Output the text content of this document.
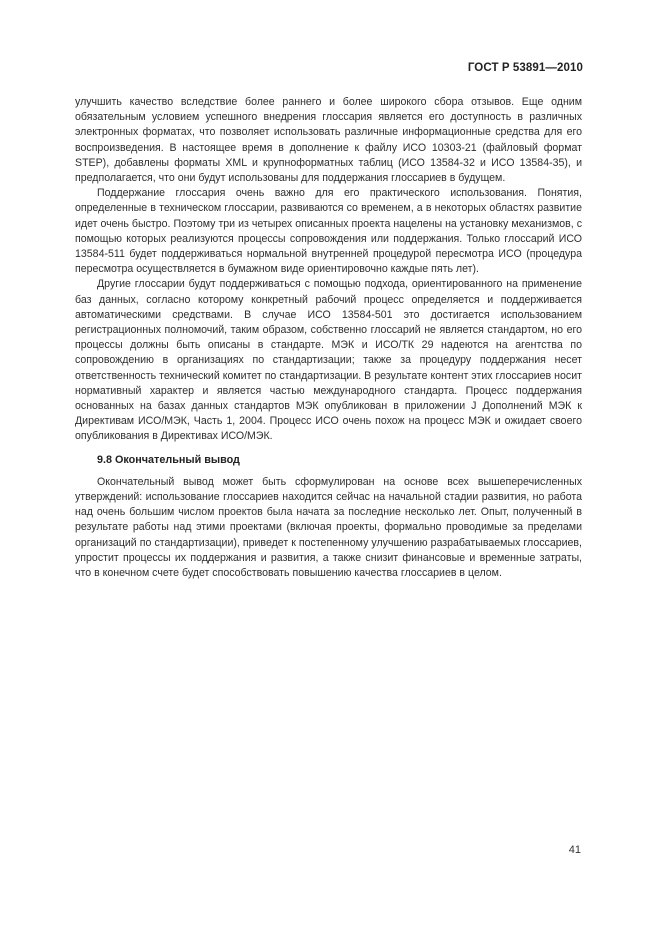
ГОСТ Р 53891—2010

улучшить качество вследствие более раннего и более широкого сбора отзывов. Еще одним обязательным условием успешного внедрения глоссария является его доступность в различных электронных форматах, что позволяет использовать различные информационные средства для его воспроизведения. В настоящее время в дополнение к файлу ИСО 10303-21 (файловый формат STEP), добавлены форматы XML и крупноформатных таблиц (ИСО 13584-32 и ИСО 13584-35), и предполагается, что они будут использованы для поддержания глоссариев в будущем.

Поддержание глоссария очень важно для его практического использования. Понятия, определенные в техническом глоссарии, развиваются со временем, а в некоторых областях развитие идет очень быстро. Поэтому три из четырех описанных проекта нацелены на установку механизмов, с помощью которых реализуются процессы сопровождения или поддержания. Только глоссарий ИСО 13584-511 будет поддерживаться нормальной внутренней процедурой пересмотра ИСО (процедура пересмотра осуществляется в бумажном виде ориентировочно каждые пять лет).

Другие глоссарии будут поддерживаться с помощью подхода, ориентированного на применение баз данных, согласно которому конкретный рабочий процесс определяется и поддерживается автоматическими средствами. В случае ИСО 13584-501 это достигается использованием регистрационных полномочий, таким образом, собственно глоссарий не является стандартом, но его процессы должны быть описаны в стандарте. МЭК и ИСО/ТК 29 надеются на агентства по сопровождению в организациях по стандартизации; также за процедуру поддержания несет ответственность технический комитет по стандартизации. В результате контент этих глоссариев носит нормативный характер и является частью международного стандарта. Процесс поддержания основанных на базах данных стандартов МЭК опубликован в приложении J Дополнений МЭК к Директивам ИСО/МЭК, Часть 1, 2004. Процесс ИСО очень похож на процесс МЭК и ожидает своего опубликования в Директивах ИСО/МЭК.

9.8 Окончательный вывод

Окончательный вывод может быть сформулирован на основе всех вышеперечисленных утверждений: использование глоссариев находится сейчас на начальной стадии развития, но работа над очень большим числом проектов была начата за последние несколько лет. Опыт, полученный в результате работы над этими проектами (включая проекты, формально проводимые за пределами организаций по стандартизации), приведет к постепенному улучшению разрабатываемых глоссариев, упростит процессы их поддержания и развития, а также снизит финансовые и временные затраты, что в конечном счете будет способствовать повышению качества глоссариев в целом.

41
